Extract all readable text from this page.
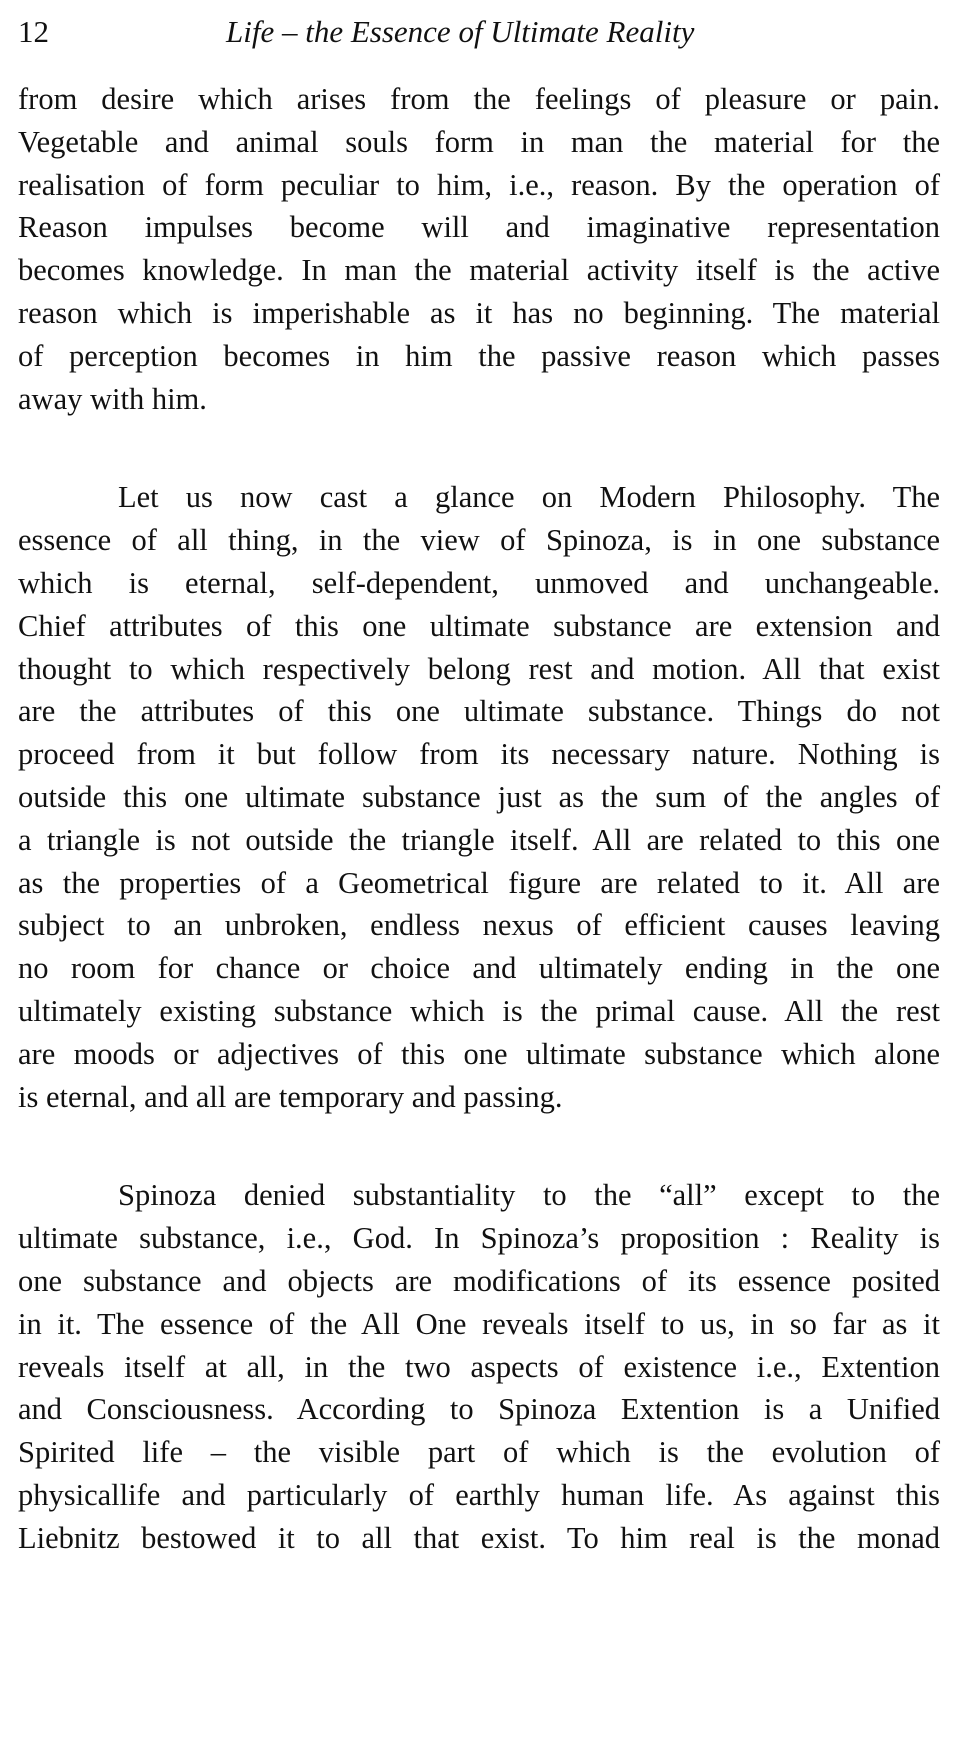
12	Life – the Essence of Ultimate Reality
from desire which arises from the feelings of pleasure or pain.
Vegetable and animal souls form in man the material for the
realisation of form peculiar to him, i.e., reason. By the operation of
Reason impulses become will and imaginative representation
becomes knowledge. In man the material activity itself is the active
reason which is imperishable as it has no beginning. The material
of perception becomes in him the passive reason which passes
away with him.
Let us now cast a glance on Modern Philosophy. The
essence of all thing, in the view of Spinoza, is in one substance
which is eternal, self-dependent, unmoved and unchangeable.
Chief attributes of this one ultimate substance are extension and
thought to which respectively belong rest and motion. All that exist
are the attributes of this one ultimate substance. Things do not
proceed from it but follow from its necessary nature. Nothing is
outside this one ultimate substance just as the sum of the angles of
a triangle is not outside the triangle itself. All are related to this one
as the properties of a Geometrical figure are related to it. All are
subject to an unbroken, endless nexus of efficient causes leaving
no room for chance or choice and ultimately ending in the one
ultimately existing substance which is the primal cause. All the rest
are moods or adjectives of this one ultimate substance which alone
is eternal, and all are temporary and passing.
Spinoza denied substantiality to the “all” except to the
ultimate substance, i.e., God. In Spinoza’s proposition : Reality is
one substance and objects are modifications of its essence posited
in it. The essence of the All One reveals itself to us, in so far as it
reveals itself at all, in the two aspects of existence i.e., Extention
and Consciousness. According to Spinoza Extention is a Unified
Spirited life – the visible part of which is the evolution of
physicallife and particularly of earthly human life. As against this
Liebnitz bestowed it to all that exist. To him real is the monad
